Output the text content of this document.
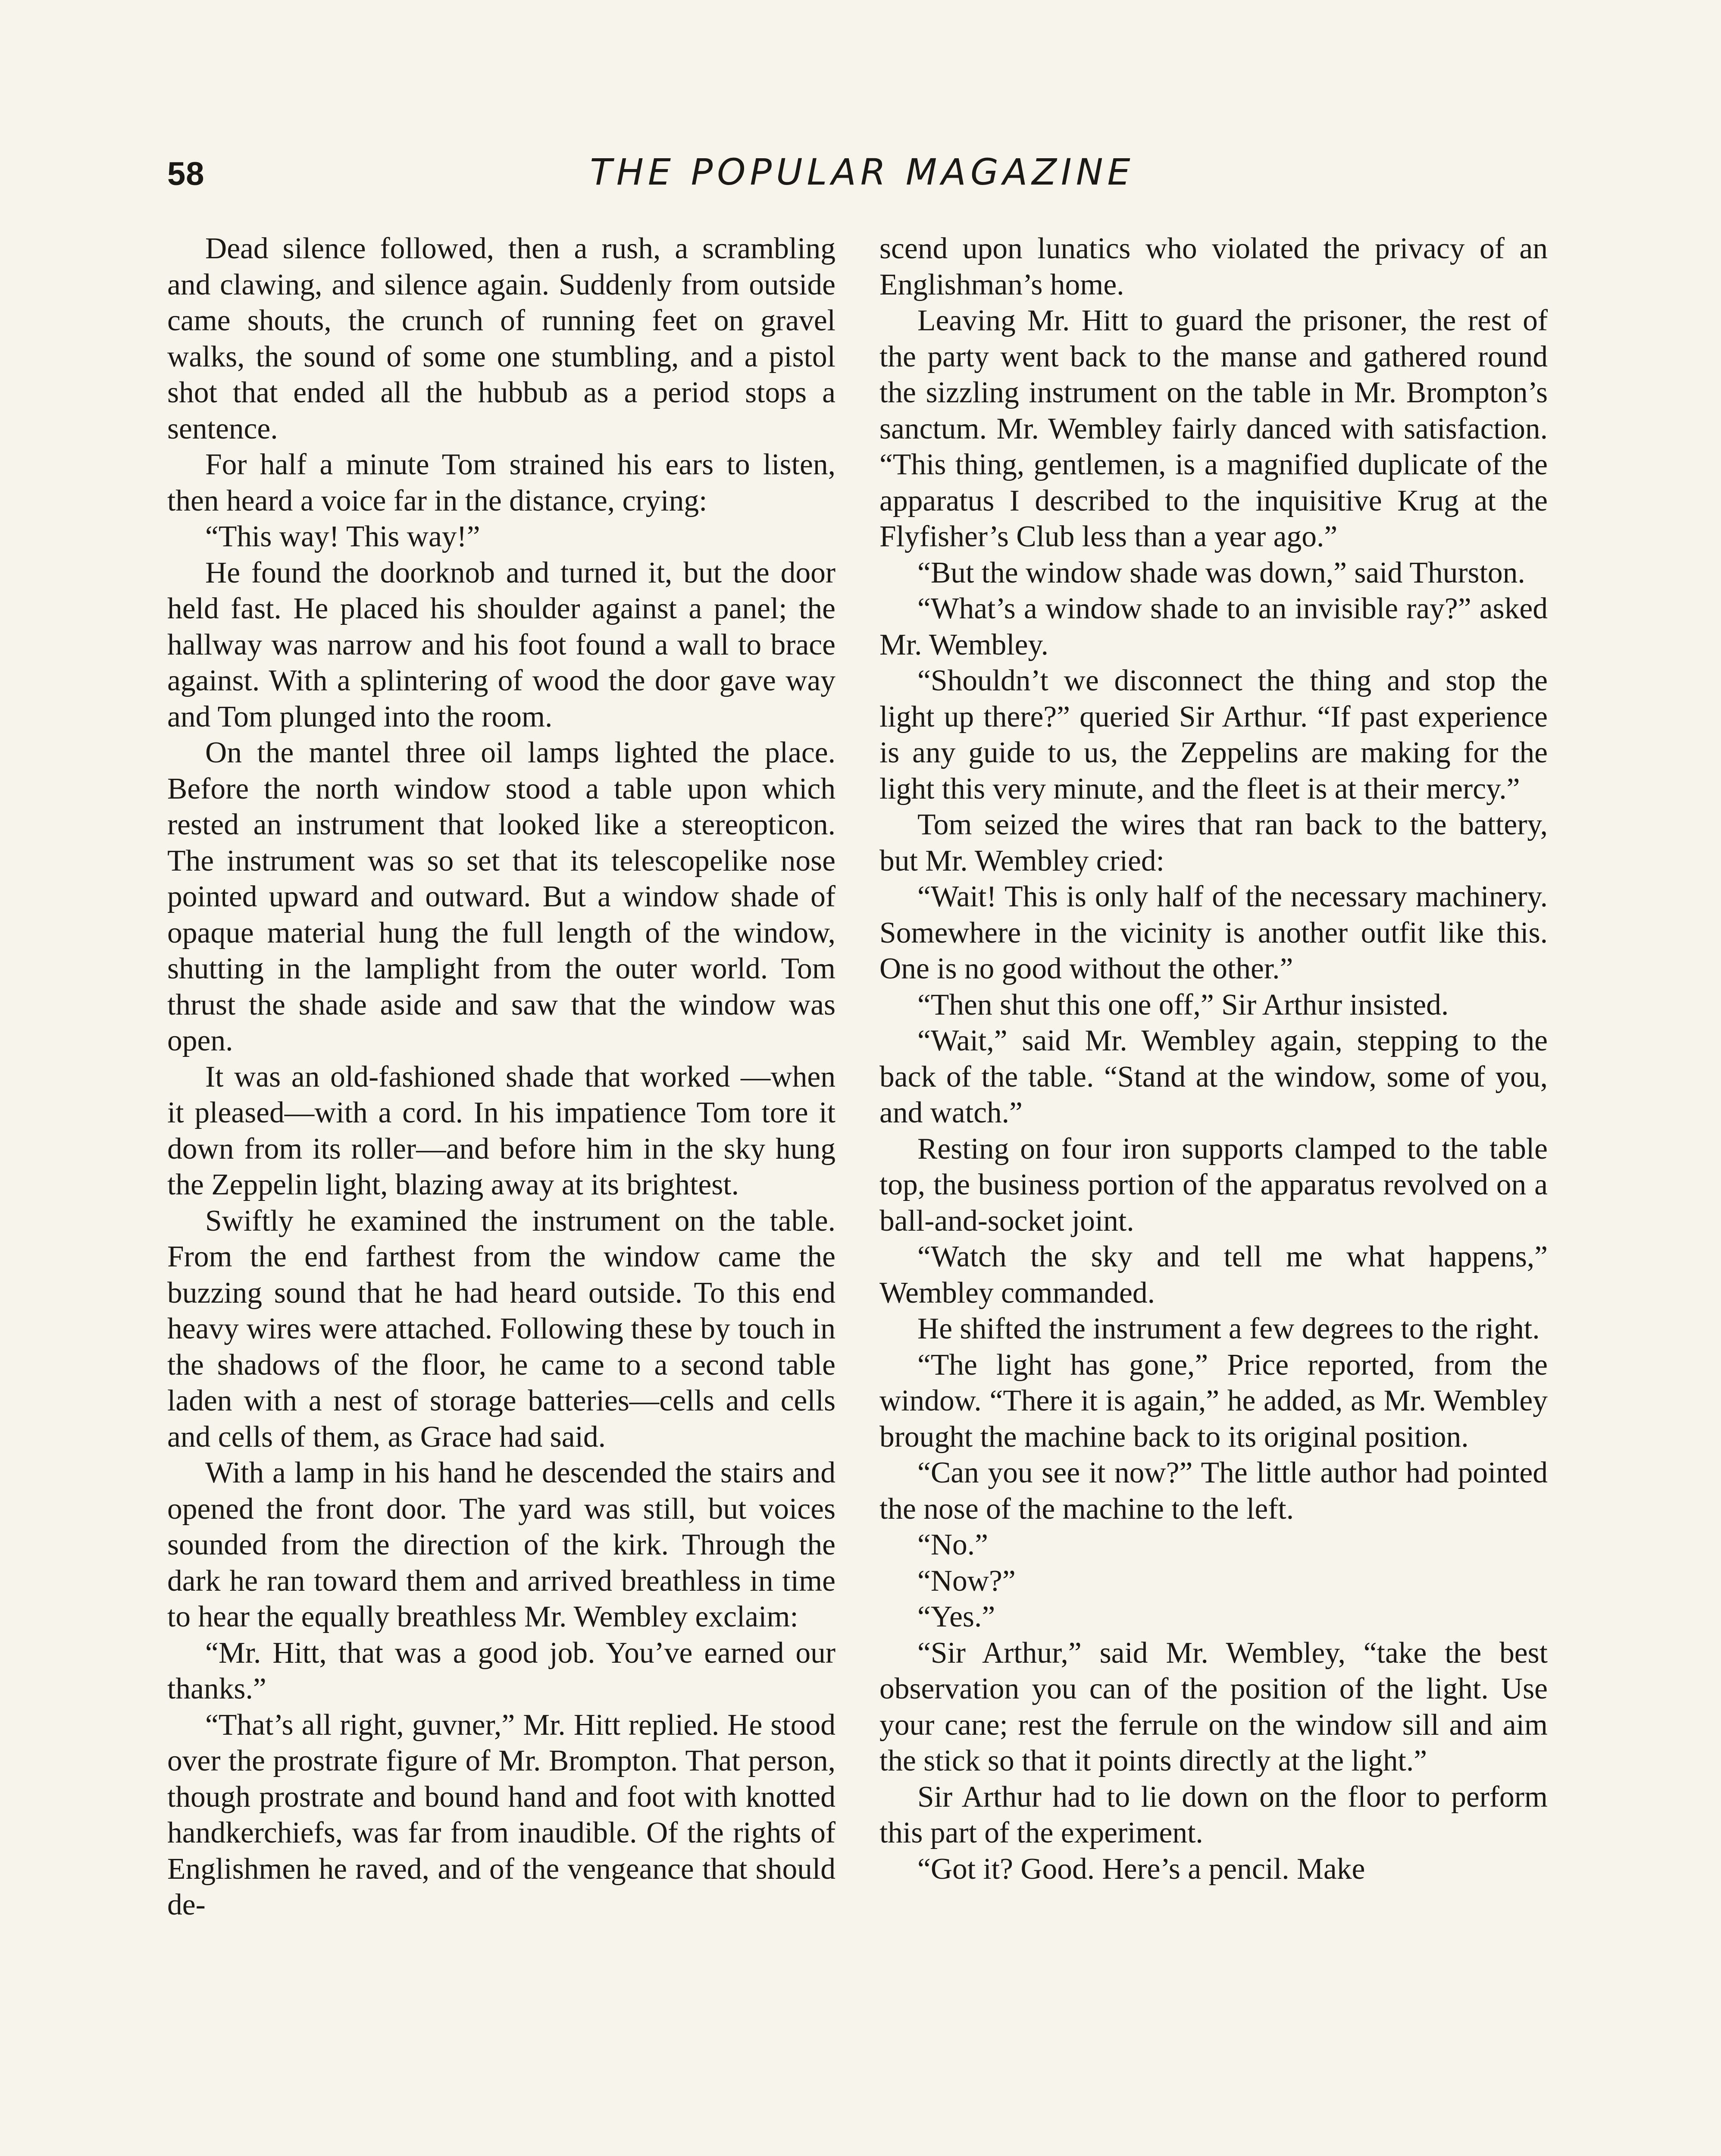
58	THE POPULAR MAGAZINE

Dead silence followed, then a rush, a scrambling and clawing, and silence again. Suddenly from outside came shouts, the crunch of running feet on gravel walks, the sound of some one stumbling, and a pistol shot that ended all the hubbub as a period stops a sentence.

For half a minute Tom strained his ears to listen, then heard a voice far in the distance, crying:

“This way! This way!”

He found the doorknob and turned it, but the door held fast. He placed his shoulder against a panel; the hallway was narrow and his foot found a wall to brace against. With a splintering of wood the door gave way and Tom plunged into the room.

On the mantel three oil lamps lighted the place. Before the north window stood a table upon which rested an instrument that looked like a stereopticon. The instrument was so set that its telescopelike nose pointed upward and outward. But a window shade of opaque material hung the full length of the window, shutting in the lamplight from the outer world. Tom thrust the shade aside and saw that the window was open.

It was an old-fashioned shade that worked —when it pleased—with a cord. In his impatience Tom tore it down from its roller—and before him in the sky hung the Zeppelin light, blazing away at its brightest.

Swiftly he examined the instrument on the table. From the end farthest from the window came the buzzing sound that he had heard outside. To this end heavy wires were attached. Following these by touch in the shadows of the floor, he came to a second table laden with a nest of storage batteries—cells and cells and cells of them, as Grace had said.

With a lamp in his hand he descended the stairs and opened the front door. The yard was still, but voices sounded from the direction of the kirk. Through the dark he ran toward them and arrived breathless in time to hear the equally breathless Mr. Wembley exclaim:

“Mr. Hitt, that was a good job. You’ve earned our thanks.”

“That’s all right, guvner,” Mr. Hitt replied. He stood over the prostrate figure of Mr. Brompton. That person, though prostrate and bound hand and foot with knotted handkerchiefs, was far from inaudible. Of the rights of Englishmen he raved, and of the vengeance that should de-

scend upon lunatics who violated the privacy of an Englishman’s home.

Leaving Mr. Hitt to guard the prisoner, the rest of the party went back to the manse and gathered round the sizzling instrument on the table in Mr. Brompton’s sanctum. Mr. Wembley fairly danced with satisfaction. “This thing, gentlemen, is a magnified duplicate of the apparatus I described to the inquisitive Krug at the Flyfisher’s Club less than a year ago.”

“But the window shade was down,” said Thurston.

“What’s a window shade to an invisible ray?” asked Mr. Wembley.

“Shouldn’t we disconnect the thing and stop the light up there?” queried Sir Arthur. “If past experience is any guide to us, the Zeppelins are making for the light this very minute, and the fleet is at their mercy.”

Tom seized the wires that ran back to the battery, but Mr. Wembley cried:

“Wait! This is only half of the necessary machinery. Somewhere in the vicinity is another outfit like this. One is no good without the other.”

“Then shut this one off,” Sir Arthur insisted.

“Wait,” said Mr. Wembley again, stepping to the back of the table. “Stand at the window, some of you, and watch.”

Resting on four iron supports clamped to the table top, the business portion of the apparatus revolved on a ball-and-socket joint.

“Watch the sky and tell me what happens,” Wembley commanded.

He shifted the instrument a few degrees to the right.

“The light has gone,” Price reported, from the window. “There it is again,” he added, as Mr. Wembley brought the machine back to its original position.

“Can you see it now?” The little author had pointed the nose of the machine to the left.

“No.”

“Now?”

“Yes.”

“Sir Arthur,” said Mr. Wembley, “take the best observation you can of the position of the light. Use your cane; rest the ferrule on the window sill and aim the stick so that it points directly at the light.”

Sir Arthur had to lie down on the floor to perform this part of the experiment.

“Got it? Good. Here’s a pencil. Make
